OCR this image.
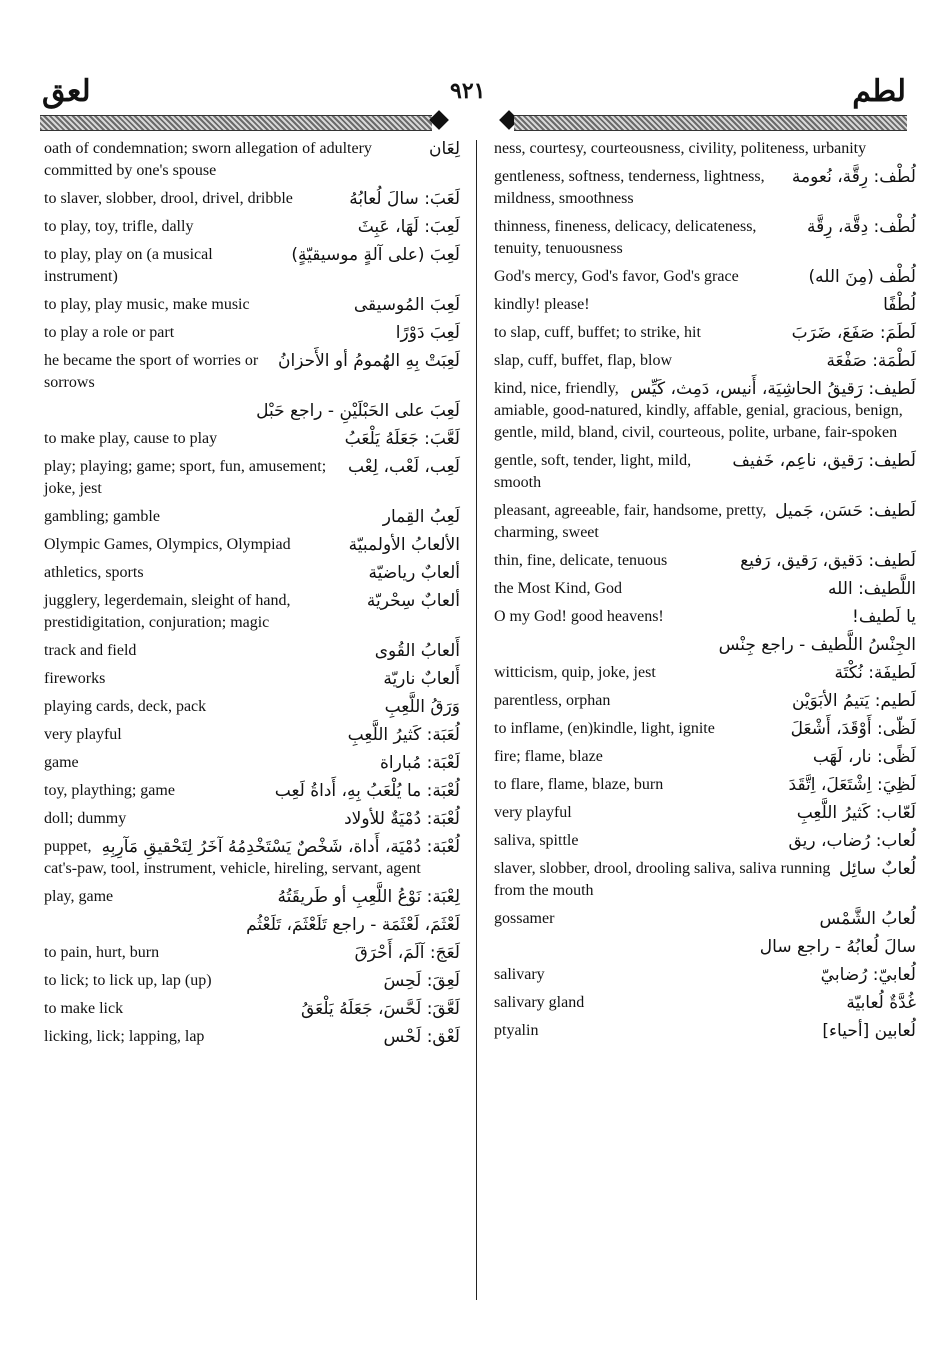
لعق	٩٢١	لطم
لِعَان
oath of condemnation; sworn allegation of adultery committed by one's spouse
لَعَبَ: سالَ لُعابُهُ
to slaver, slobber, drool, drivel, dribble
لَعِبَ: لَهَا، عَبِثَ
to play, toy, trifle, dally
لَعِبَ (على آلةٍ موسيقيّةٍ)
to play, play on (a musical instrument)
لَعِبَ المُوسيقى
to play, play music, make music
لَعِبَ دَوْرًا
to play a role or part
لَعِبَتْ بِهِ الهُمومُ أو الأَحزانُ
he became the sport of worries or sorrows
لَعِبَ على الحَبْلَيْنِ - راجع حَبْل
لَعَّبَ: جَعَلَهُ يَلْعَبُ
to make play, cause to play
لَعِب، لَعْب، لِعْب
play; playing; game; sport, fun, amusement; joke, jest
لَعِبُ القِمار
gambling; gamble
الألعابُ الأولمبيّة
Olympic Games, Olympics, Olympiad
ألعابٌ رياضيّة
athletics, sports
ألعابٌ سِحْريّة
jugglery, legerdemain, sleight of hand, prestidigitation, conjuration; magic
أَلعابُ القُوى
track and field
أَلعابٌ ناريّة
fireworks
وَرَقُ اللَّعِبِ
playing cards, deck, pack
لُعَبَة: كَثيرُ اللَّعِبِ
very playful
لَعْبَة: مُباراة
game
لُعْبَة: ما يُلْعَبُ بِهِ، أَداةُ لَعِب
toy, plaything; game
لُعْبَة: دُمْيَةٌ للأولاد
doll; dummy
لُعْبَة: دُمْيَة، أَداة، شَخْصٌ يَسْتَخْدِمُهُ آخَرُ لِتَحْقيقِ مَآرِبِهِ
puppet, cat's-paw, tool, instrument, vehicle, hireling, servant, agent
لِعْبَة: نَوْعُ اللَّعِبِ أو طَريقَتُهُ
play, game
لَعْثَمَ، لَعْثَمَة - راجع تَلَعْثَمَ، تَلَعْثُم
لَعَجَ: آلَمَ، أَحْرَقَ
to pain, hurt, burn
لَعِقَ: لَحِسَ
to lick; to lick up, lap (up)
لَعَّقَ: لَحَّسَ، جَعَلَهُ يَلْعَقُ
to make lick
لَعْق: لَحْس
licking, lick; lapping, lap
ness, courtesy, courteousness, civility, politeness, urbanity
لُطْف: رِقَّة، نُعومة
gentleness, softness, tenderness, lightness, mildness, smoothness
لُطْف: دِقَّة، رِقَّة
thinness, fineness, delicacy, delicateness, tenuity, tenuousness
لُطْف (مِنَ الله)
God's mercy, God's favor, God's grace
لُطْفًا
kindly! please!
لَطَمَ: صَفَعَ، ضَرَبَ
to slap, cuff, buffet; to strike, hit
لَطْمَة: صَفْعَة
slap, cuff, buffet, flap, blow
لَطيف: رَقيقُ الحاشِيَة، أَنيس، دَمِث، كَيِّس
kind, nice, friendly, amiable, good-natured, kindly, affable, genial, gracious, benign, gentle, mild, bland, civil, courteous, polite, urbane, fair-spoken
لَطيف: رَقيق، ناعِم، خَفيف
gentle, soft, tender, light, mild, smooth
لَطيف: حَسَن، جَميل
pleasant, agreeable, fair, handsome, pretty, charming, sweet
لَطيف: دَقيق، رَقيق، رَفيع
thin, fine, delicate, tenuous
اللَّطيف: الله
the Most Kind, God
يا لَطيف!
O my God! good heavens!
الجِنْسُ اللَّطيف - راجع جِنْس
لَطيفَة: نُكْتَة
witticism, quip, joke, jest
لَطيم: يَتيمُ الأبَوَيْن
parentless, orphan
لَظّى: أَوْقَدَ، أَشْعَلَ
to inflame, (en)kindle, light, ignite
لَظًى: نار، لَهَب
fire; flame, blaze
لَظِيَ: اِشْتَعَلَ، اِتَّقَدَ
to flare, flame, blaze, burn
لَعّاب: كَثيرُ اللَّعِبِ
very playful
لُعاب: رُضاب، ريق
saliva, spittle
لُعابٌ سائِل
slaver, slobber, drool, drooling saliva, saliva running from the mouth
لُعابُ الشَّمْس
gossamer
سالَ لُعابُهُ - راجع سال
لُعابيّ: رُضابيّ
salivary
غُدَّةٌ لُعابيّة
salivary gland
لُعابين [أحياء]
ptyalin
